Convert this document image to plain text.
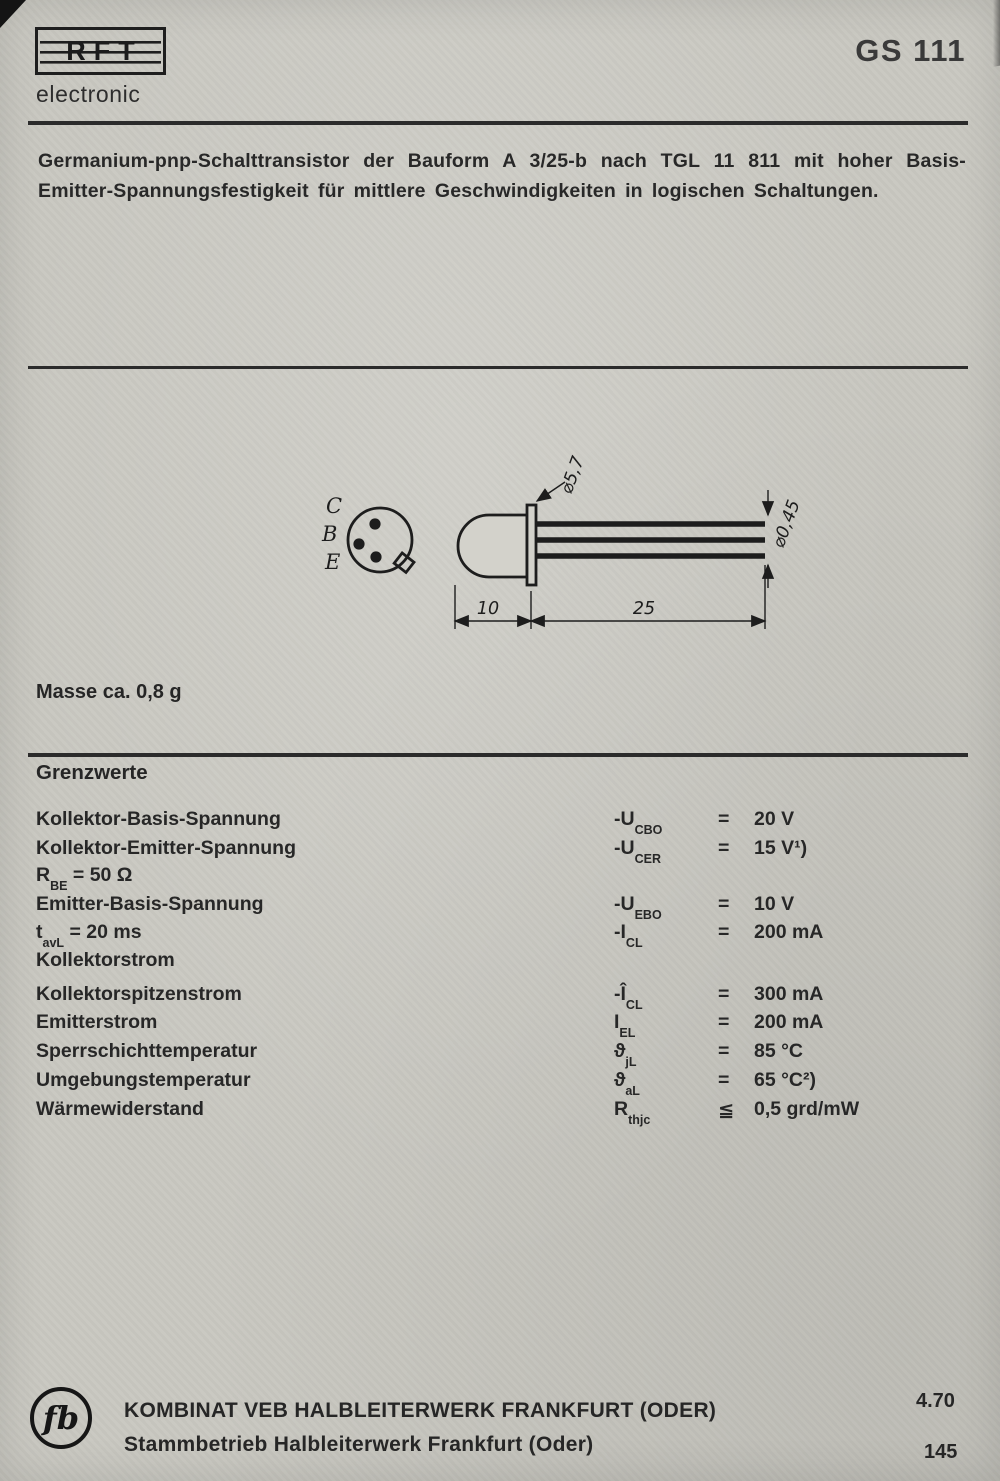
RFT
electronic
GS 111

Germanium-pnp-Schalttransistor der Bauform A 3/25-b nach TGL 11 811 mit hoher Basis-Emitter-Spannungsfestigkeit für mittlere Geschwindigkeiten in logischen Schaltungen.

C
B
E
⌀5,7
⌀0,45
10	25
Masse ca. 0,8 g
Grenzwerte
Kollektor-Basis-Spannung	$-U_{CBO}$	= 20 V
Kollektor-Emitter-Spannung	$-U_{CER}$	= 15 V¹)
$R_{BE} = 50$ Ω
Emitter-Basis-Spannung	$-U_{EBO}$	= 10 V
$t_{avL} = 20$ ms	$-I_{CL}$	= 200 mA
Kollektorstrom
Kollektorspitzenstrom	$-Î_{CL}$	= 300 mA
Emitterstrom	$I_{EL}$	= 200 mA
Sperrschichttemperatur	$ϑ_{jL}$	= 85 °C
Umgebungstemperatur	$ϑ_{aL}$	= 65 °C²)
Wärmewiderstand	$R_{thjc}$	≦ 0,5 grd/mW
fb KOMBINAT VEB HALBLEITERWERK FRANKFURT (ODER)
Stammbetrieb Halbleiterwerk Frankfurt (Oder)
4.70
145
